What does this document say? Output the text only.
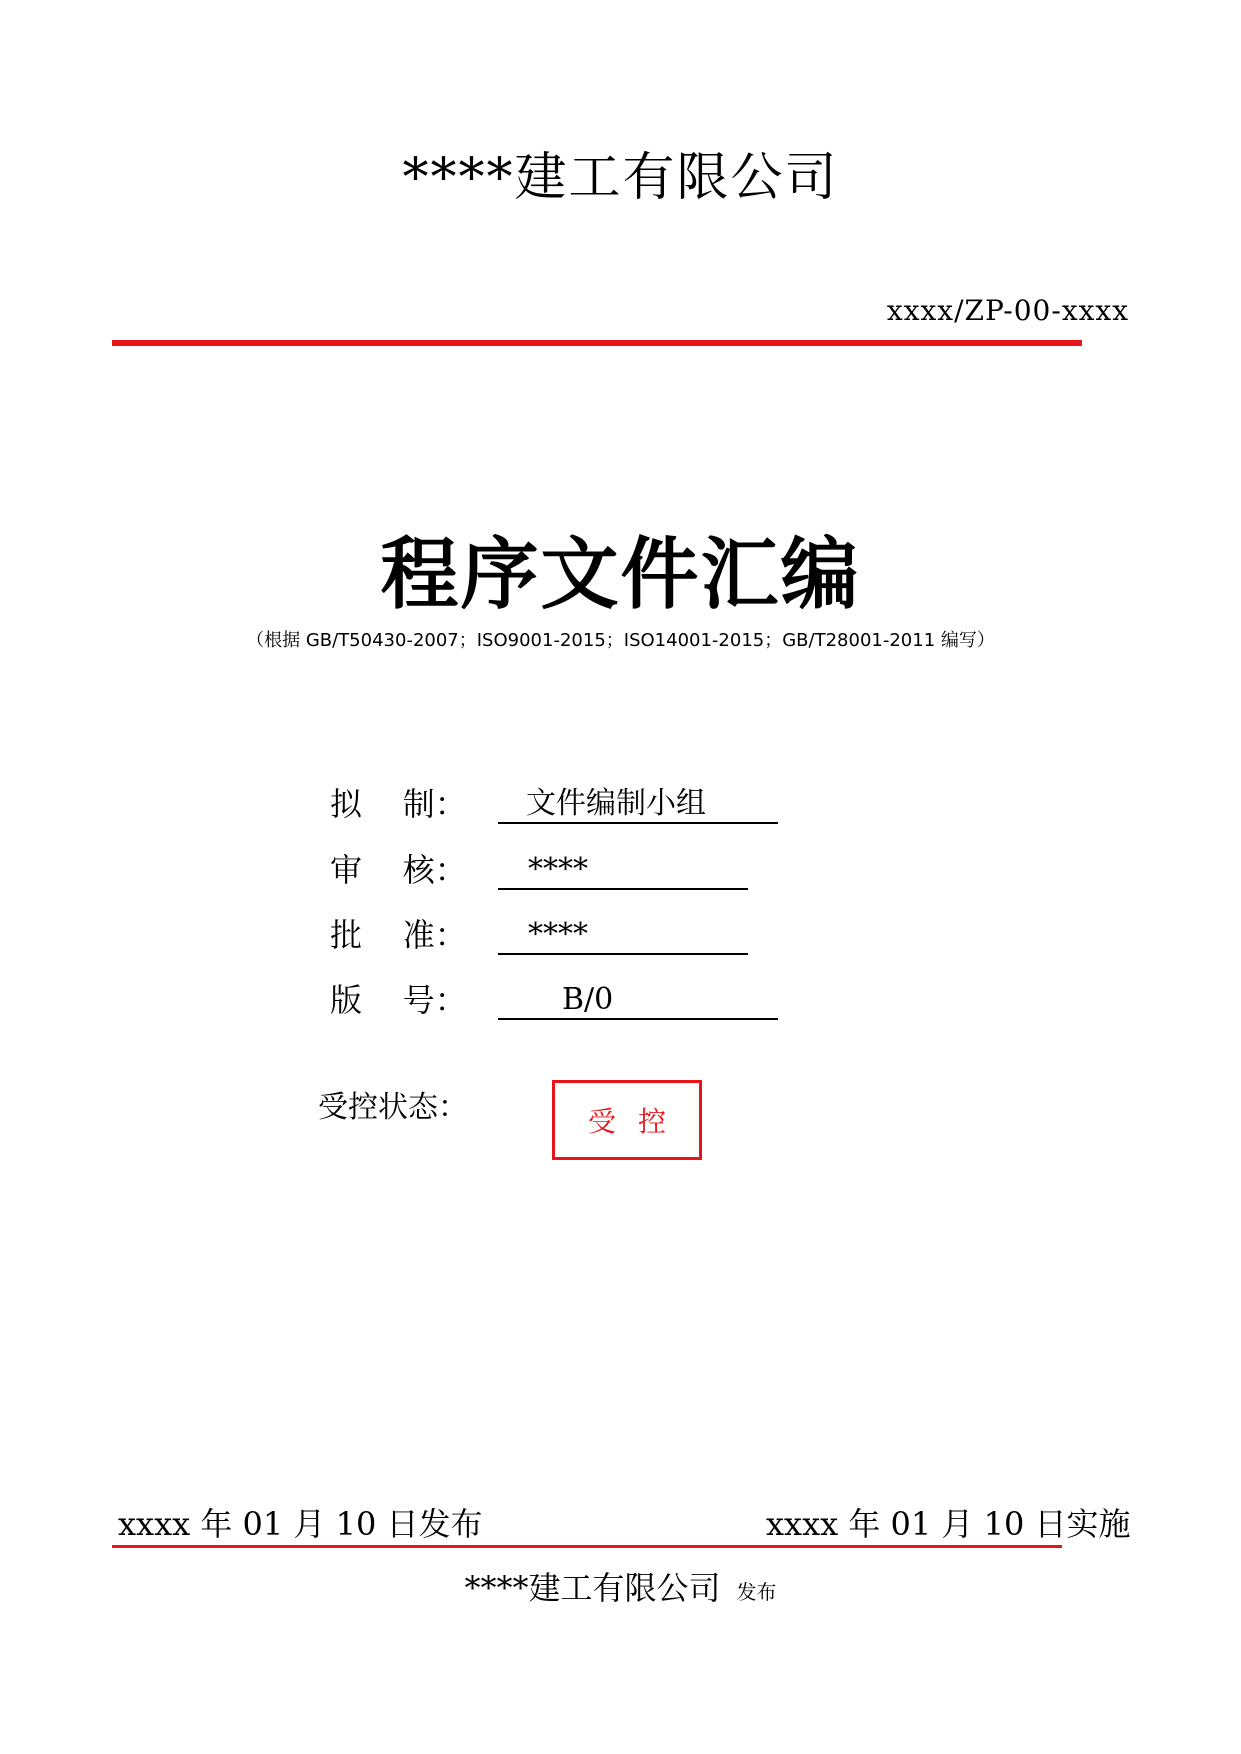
****建工有限公司
xxxx/ZP-00-xxxx
程序文件汇编
（根据 GB/T50430-2007；ISO9001-2015；ISO14001-2015；GB/T28001-2011 编写）
拟    制：	文件编制小组
审    核：	****
批    准：	****
版    号：	B/0
受控状态：	受控
xxxx 年 01 月 10 日发布	xxxx 年 01 月 10 日实施
****建工有限公司 发布
